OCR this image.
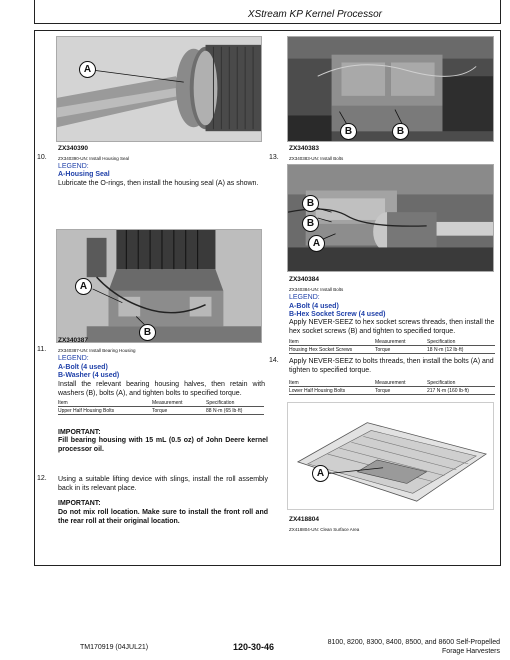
XStream KP Kernel Processor
A
ZX340390
10.	ZX340390-UN: Install Housing Seal
LEGEND:
A-Housing Seal
Lubricate the O-rings, then install the housing seal (A) as shown.
A
B
ZX340387
11.	ZX340387-UN: Install Bearing Housing
LEGEND:
A-Bolt (4 used)
B-Washer (4 used)
Install the relevant bearing housing halves, then retain with washers (B), bolts (A), and tighten bolts to specified torque.
Item	Measurement	Specification
Upper Half Housing Bolts	Torque	88 N·m (65 lb·ft)
IMPORTANT:
Fill bearing housing with 15 mL (0.5 oz) of John Deere kernel processor oil.
12. Using a suitable lifting device with slings, install the roll assembly back in its relevant place.
IMPORTANT:
Do not mix roll location. Make sure to install the front roll and the rear roll at their original location.
B	B
ZX340383
13. ZX340383-UN: Install Bolts
B
B
A
ZX340384
ZX340384-UN: Install Bolts
LEGEND:
A-Bolt (4 used)
B-Hex Socket Screw (4 used)
Apply NEVER-SEEZ to hex socket screws threads, then install the hex socket screws (B) and tighten to specified torque.
Item	Measurement	Specification
Housing Hex Socket Screws	Torque	18 N·m (12 lb·ft)
14. Apply NEVER-SEEZ to bolts threads, then install the bolts (A) and tighten to specified torque.
Item	Measurement	Specification
Lower Half Housing Bolts	Torque	217 N·m (160 lb·ft)
A
ZX418804
ZX418804-UN: Clean Surface Area
TM170919 (04JUL21)	120-30-46	8100, 8200, 8300, 8400, 8500, and 8600 Self-Propelled
Forage Harvesters
